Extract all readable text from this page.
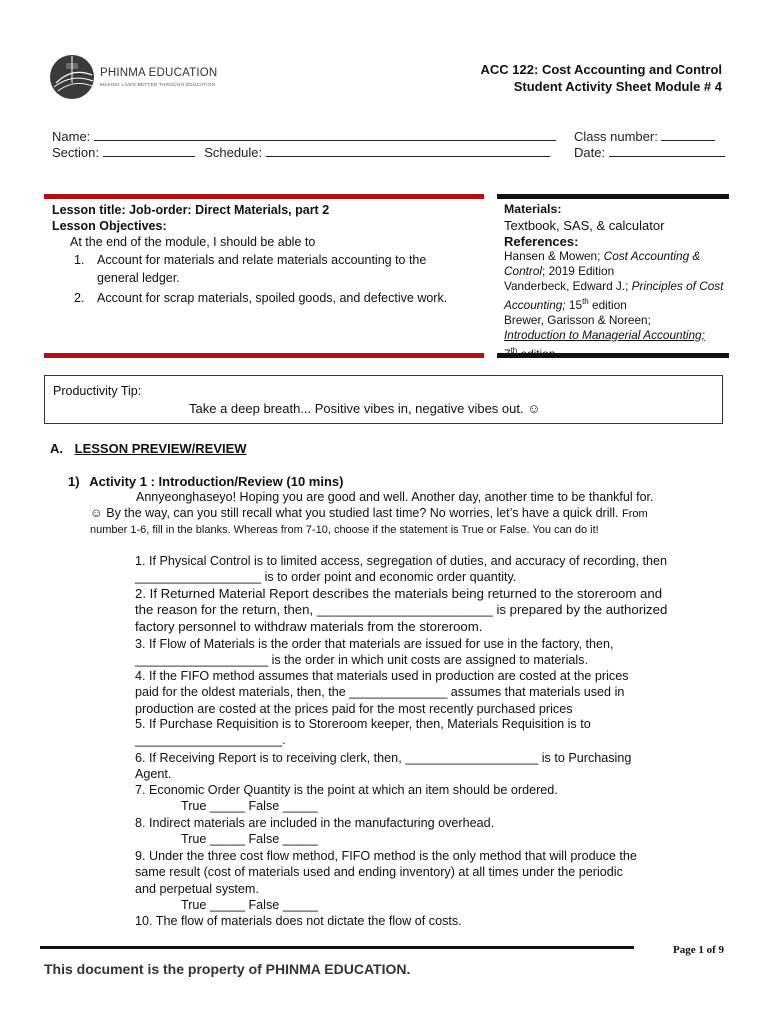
PHINMA EDUCATION
MAKING LIVES BETTER THROUGH EDUCATION
ACC 122: Cost Accounting and Control
Student Activity Sheet Module # 4
Name:	Class number:
Section:	Schedule:	Date:
Lesson title: Job-order: Direct Materials, part 2
Lesson Objectives:
At the end of the module, I should be able to
1.	Account for materials and relate materials accounting to the general ledger.
2.	Account for scrap materials, spoiled goods, and defective work.
Materials:
Textbook, SAS, & calculator
References:
Hansen & Mowen; Cost Accounting & Control; 2019 Edition
Vanderbeck, Edward J.; Principles of Cost Accounting; 15th edition
Brewer, Garisson & Noreen;
Introduction to Managerial Accounting;
7th edition
Productivity Tip:
Take a deep breath... Positive vibes in, negative vibes out. ☺
A. LESSON PREVIEW/REVIEW
1) Activity 1 : Introduction/Review (10 mins)
Annyeonghaseyo! Hoping you are good and well. Another day, another time to be thankful for.
☺ By the way, can you still recall what you studied last time? No worries, let’s have a quick drill. From
number 1-6, fill in the blanks. Whereas from 7-10, choose if the statement is True or False. You can do it!
1. If Physical Control is to limited access, segregation of duties, and accuracy of recording, then
__________________ is to order point and economic order quantity.
2. If Returned Material Report describes the materials being returned to the storeroom and
the reason for the return, then, ________________________ is prepared by the authorized
factory personnel to withdraw materials from the storeroom.
3. If Flow of Materials is the order that materials are issued for use in the factory, then,
___________________ is the order in which unit costs are assigned to materials.
4. If the FIFO method assumes that materials used in production are costed at the prices
paid for the oldest materials, then, the ______________ assumes that materials used in
production are costed at the prices paid for the most recently purchased prices
5. If Purchase Requisition is to Storeroom keeper, then, Materials Requisition is to
_____________________.
6. If Receiving Report is to receiving clerk, then, ___________________ is to Purchasing
Agent.
7. Economic Order Quantity is the point at which an item should be ordered.
True _____ False _____
8. Indirect materials are included in the manufacturing overhead.
True _____ False _____
9. Under the three cost flow method, FIFO method is the only method that will produce the
same result (cost of materials used and ending inventory) at all times under the periodic
and perpetual system.
True _____ False _____
10. The flow of materials does not dictate the flow of costs.
Page 1 of 9
This document is the property of PHINMA EDUCATION.
